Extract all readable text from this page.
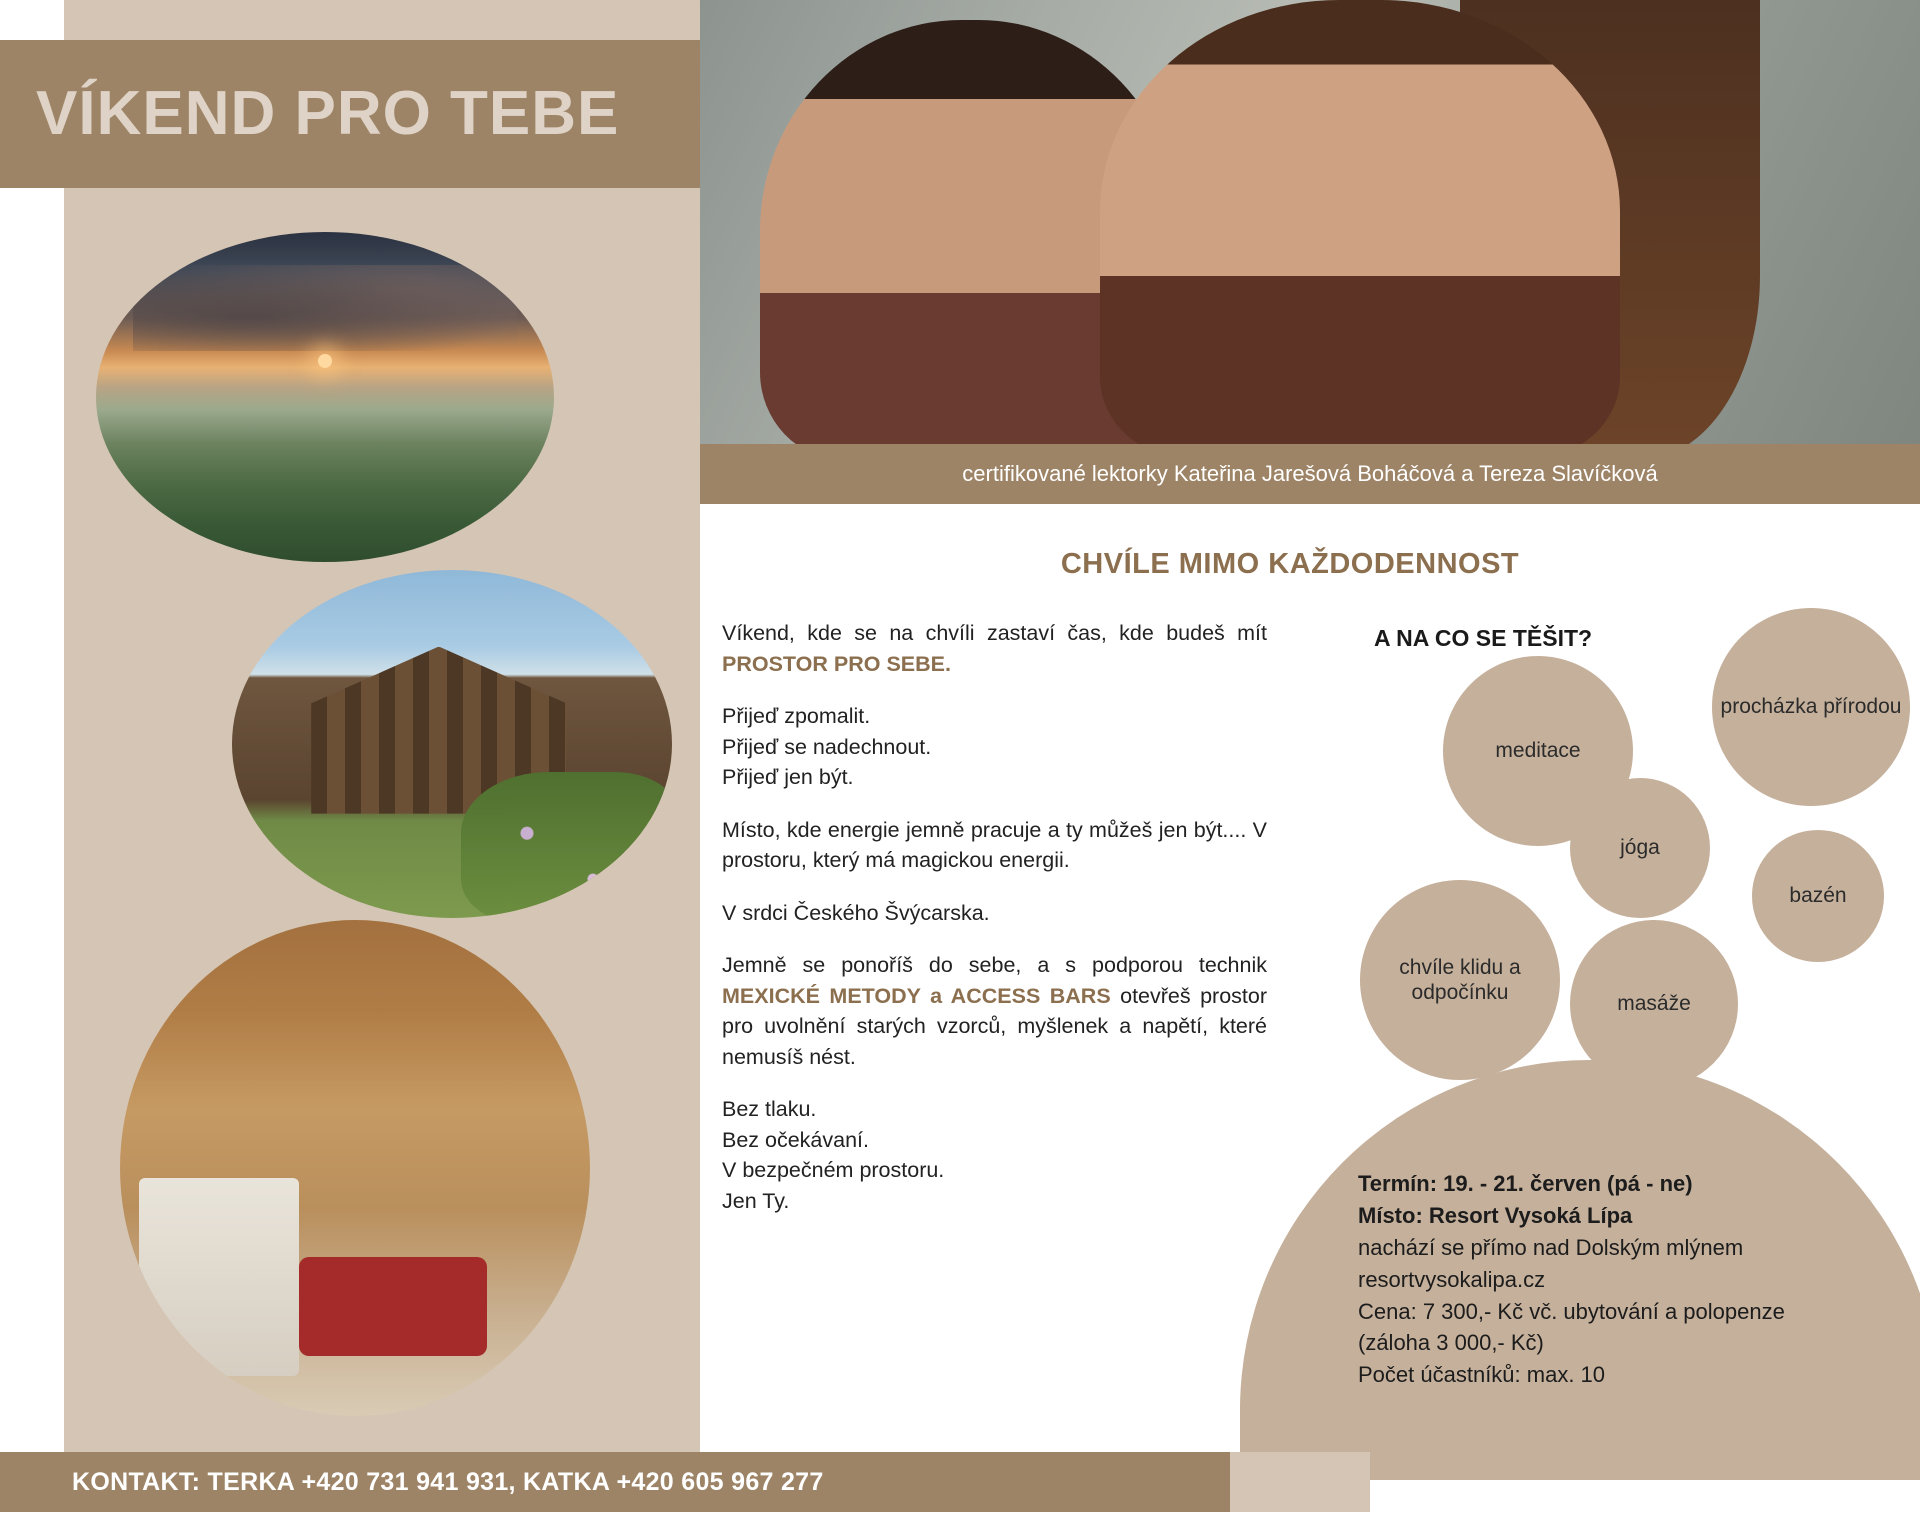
VÍKEND PRO TEBE
certifikované lektorky Kateřina Jarešová Boháčová a Tereza Slavíčková
CHVÍLE MIMO KAŽDODENNOST

Víkend, kde se na chvíli zastaví čas, kde budeš mít PROSTOR PRO SEBE.

Přijeď zpomalit.
Přijeď se nadechnout.
Přijeď jen být.

Místo, kde energie jemně pracuje a ty můžeš jen být.... V prostoru, který má magickou energii.

V srdci Českého Švýcarska.

Jemně se ponoříš do sebe, a s podporou technik MEXICKÉ METODY a ACCESS BARS otevřeš prostor pro uvolnění starých vzorců, myšlenek a napětí, které nemusíš nést.

Bez tlaku.
Bez očekávaní.
V bezpečném prostoru.
Jen Ty.

A NA CO SE TĚŠIT?
procházka přírodou
meditace
jóga
bazén
chvíle klidu a odpočínku	masáže
Termín: 19. - 21. červen (pá - ne)
Místo: Resort Vysoká Lípa
nachází se přímo nad Dolským mlýnem
resortvysokalipa.cz
Cena: 7 300,- Kč vč. ubytování a polopenze
(záloha 3 000,- Kč)
Počet účastníků: max. 10
KONTAKT: TERKA +420 731 941 931, KATKA +420 605 967 277
